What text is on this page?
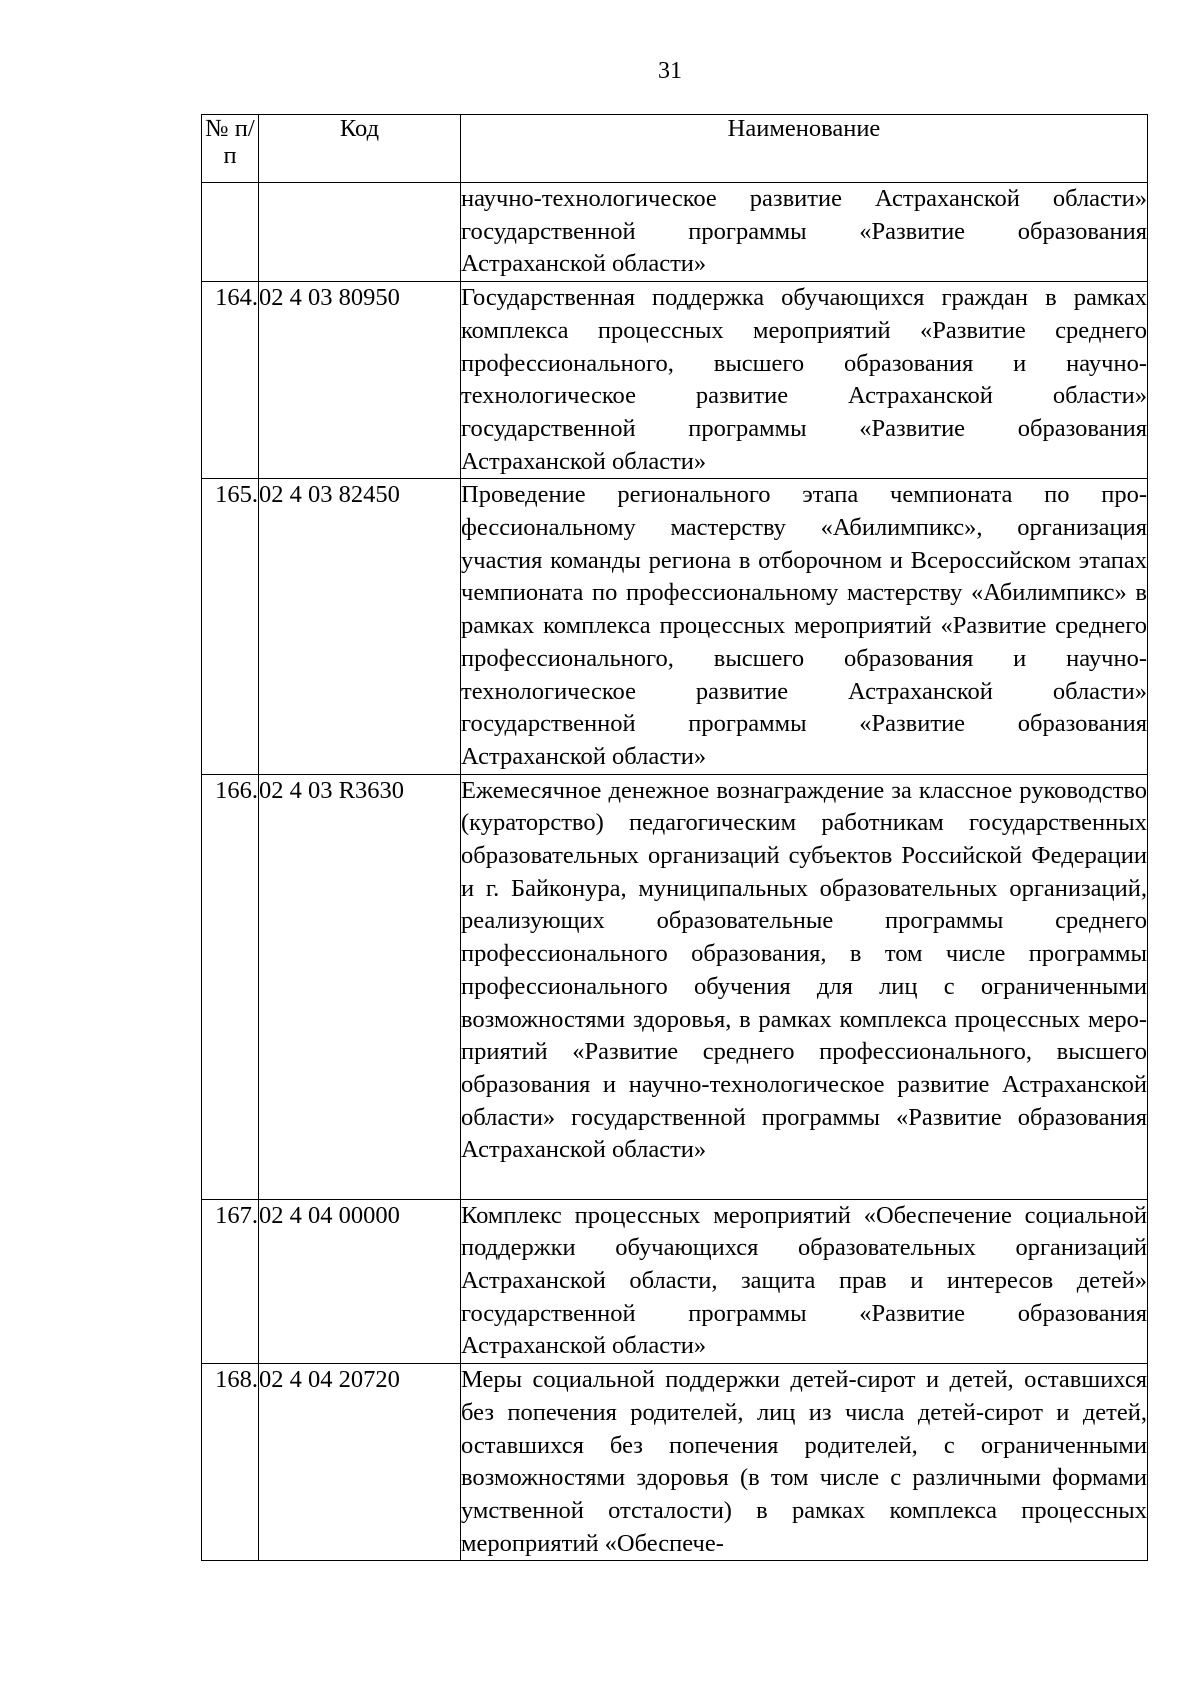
31
№ п/п	Код	Наименование

		научно-технологическое развитие Астраханской области» государственной программы «Развитие образования Астраханской области»

164.	02 4 03 80950	Государственная поддержка обучающихся граждан в рамках комплекса процессных мероприятий «Развитие среднего профессионального, высшего образования и научно-технологическое развитие Астраханской области» государственной программы «Развитие образования Астраханской области»

165.	02 4 03 82450	Проведение регионального этапа чемпионата по профессиональному мастерству «Абилимпикс», организация участия команды региона в отборочном и Всероссийском этапах чемпионата по профессиональному мастерству «Абилимпикс» в рамках комплекса процессных мероприятий «Развитие среднего профессионального, высшего образования и научно-технологическое развитие Астраханской области» государственной программы «Развитие образования Астраханской области»

166.	02 4 03 R3630	Ежемесячное денежное вознаграждение за классное руководство (кураторство) педагогическим работникам государственных образовательных организаций субъектов Российской Федерации и г. Байконура, муниципальных образовательных организаций, реализующих образовательные программы среднего профессионального образования, в том числе программы профессионального обучения для лиц с ограниченными возможностями здоровья, в рамках комплекса процессных мероприятий «Развитие среднего профессионального, высшего образования и научно-технологическое развитие Астраханской области» государственной программы «Развитие образования Астраханской области»

167.	02 4 04 00000	Комплекс процессных мероприятий «Обеспечение социальной поддержки обучающихся образовательных организаций Астраханской области, защита прав и интересов детей» государственной программы «Развитие образования Астраханской области»

168.	02 4 04 20720	Меры социальной поддержки детей-сирот и детей, оставшихся без попечения родителей, лиц из числа детей-сирот и детей, оставшихся без попечения родителей, с ограниченными возможностями здоровья (в том числе с различными формами умственной отсталости) в рамках комплекса процессных мероприятий «Обеспече-
